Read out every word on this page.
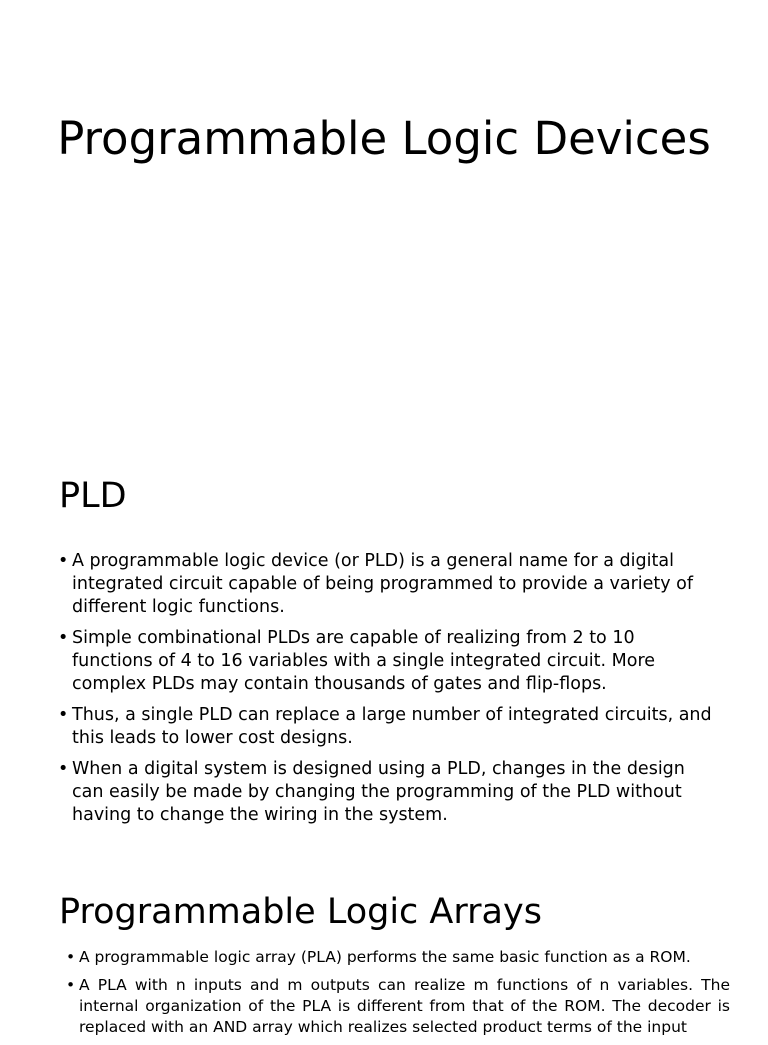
Programmable Logic Devices
PLD
• A programmable logic device (or PLD) is a general name for a digital integrated circuit capable of being programmed to provide a variety of different logic functions.
• Simple combinational PLDs are capable of realizing from 2 to 10 functions of 4 to 16 variables with a single integrated circuit. More complex PLDs may contain thousands of gates and flip-flops.
• Thus, a single PLD can replace a large number of integrated circuits, and this leads to lower cost designs.
• When a digital system is designed using a PLD, changes in the design can easily be made by changing the programming of the PLD without having to change the wiring in the system.
Programmable Logic Arrays
• A programmable logic array (PLA) performs the same basic function as a ROM.
• A PLA with n inputs and m outputs can realize m functions of n variables. The internal organization of the PLA is different from that of the ROM. The decoder is replaced with an AND array which realizes selected product terms of the input
